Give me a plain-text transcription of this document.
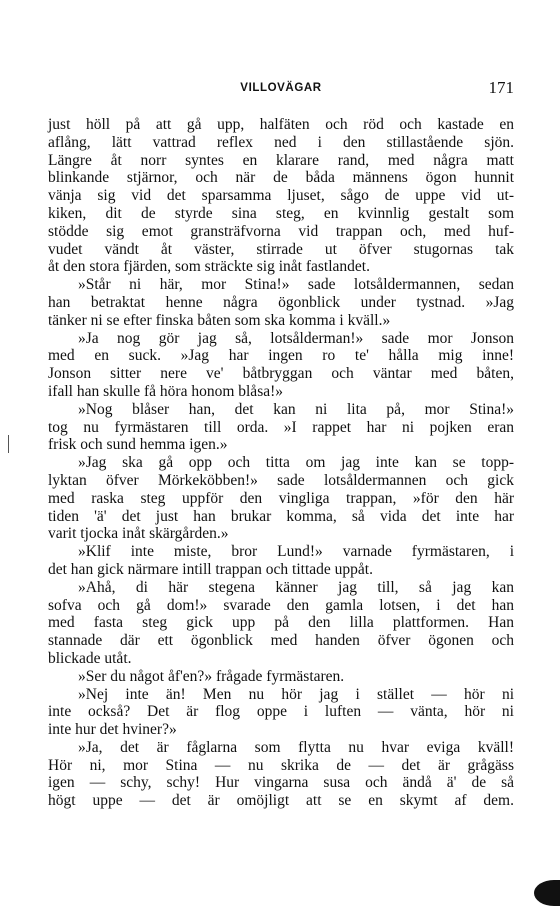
VILLOVÄGAR	171
just höll på att gå upp, halfäten och röd och kastade en
aflång, lätt vattrad reflex ned i den stillastående sjön.
Längre åt norr syntes en klarare rand, med några matt
blinkande stjärnor, och när de båda männens ögon hunnit
vänja sig vid det sparsamma ljuset, sågo de uppe vid ut-
kiken, dit de styrde sina steg, en kvinnlig gestalt som
stödde sig emot gransträfvorna vid trappan och, med huf-
vudet vändt åt väster, stirrade ut öfver stugornas tak
åt den stora fjärden, som sträckte sig inåt fastlandet.
»Står ni här, mor Stina!» sade lotsåldermannen, sedan
han betraktat henne några ögonblick under tystnad. »Jag
tänker ni se efter finska båten som ska komma i kväll.»
»Ja nog gör jag så, lotsålderman!» sade mor Jonson
med en suck. »Jag har ingen ro te' hålla mig inne!
Jonson sitter nere ve' båtbryggan och väntar med båten,
ifall han skulle få höra honom blåsa!»
»Nog blåser han, det kan ni lita på, mor Stina!»
tog nu fyrmästaren till orda. »I rappet har ni pojken eran
frisk och sund hemma igen.»
»Jag ska gå opp och titta om jag inte kan se topp-
lyktan öfver Mörkeköbben!» sade lotsåldermannen och gick
med raska steg uppför den vingliga trappan, »för den här
tiden 'ä' det just han brukar komma, så vida det inte har
varit tjocka inåt skärgården.»
»Klif inte miste, bror Lund!» varnade fyrmästaren, i
det han gick närmare intill trappan och tittade uppåt.
»Ahå, di här stegena känner jag till, så jag kan
sofva och gå dom!» svarade den gamla lotsen, i det han
med fasta steg gick upp på den lilla plattformen. Han
stannade där ett ögonblick med handen öfver ögonen och
blickade utåt.
»Ser du något åf'en?» frågade fyrmästaren.
»Nej inte än! Men nu hör jag i stället — hör ni
inte också? Det är flog oppe i luften — vänta, hör ni
inte hur det hviner?»
»Ja, det är fåglarna som flytta nu hvar eviga kväll!
Hör ni, mor Stina — nu skrika de — det är grågäss
igen — schy, schy! Hur vingarna susa och ändå ä' de så
högt uppe — det är omöjligt att se en skymt af dem.
